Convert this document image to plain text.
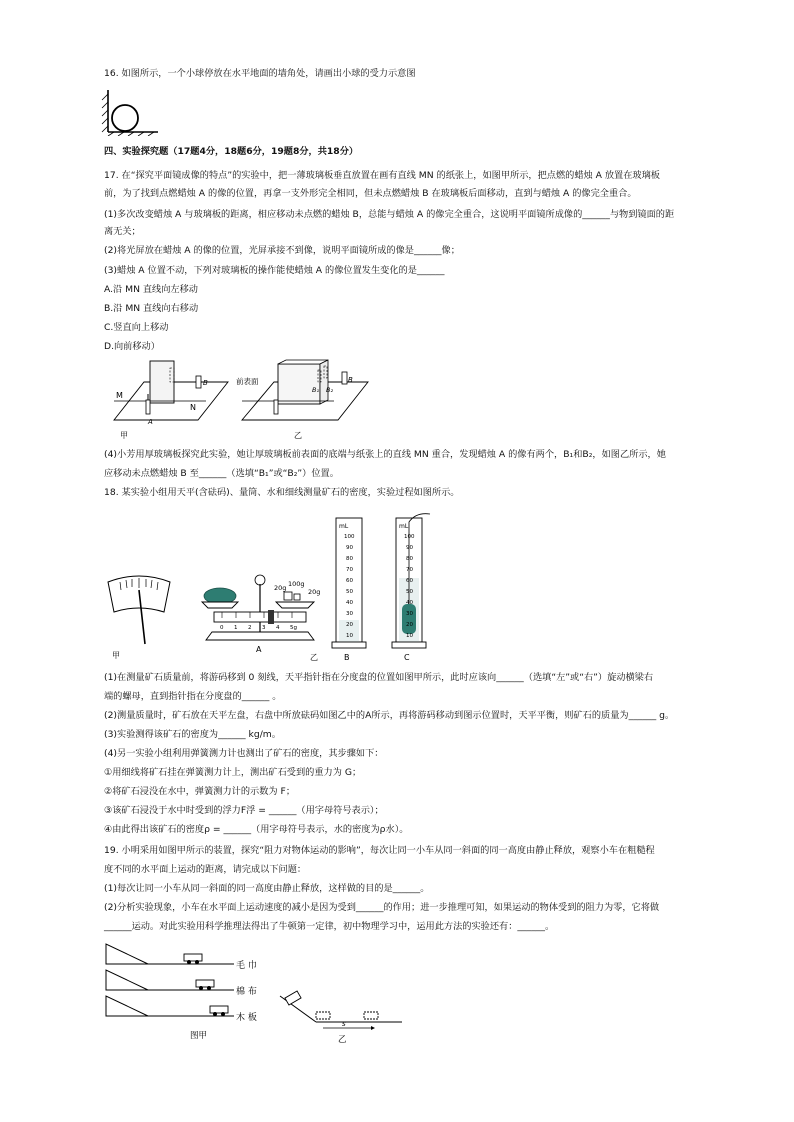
16. 如图所示，一个小球停放在水平地面的墙角处，请画出小球的受力示意图
四、实验探究题（17题4分，18题6分，19题8分，共18分）
17. 在“探究平面镜成像的特点”的实验中，把一薄玻璃板垂直放置在画有直线 MN 的纸张上，如图甲所示，把点燃的蜡烛 A 放置在玻璃板
前，为了找到点燃蜡烛 A 的像的位置，再拿一支外形完全相同，但未点燃蜡烛 B 在玻璃板后面移动，直到与蜡烛 A 的像完全重合。
(1)多次改变蜡烛 A 与玻璃板的距离，相应移动未点燃的蜡烛 B，总能与蜡烛 A 的像完全重合，这说明平面镜所成像的______与物到镜面的距
离无关；
(2)将光屏放在蜡烛 A 的像的位置，光屏承接不到像，说明平面镜所成的像是______像；
(3)蜡烛 A 位置不动，下列对玻璃板的操作能使蜡烛 A 的像位置发生变化的是______
A.沿 MN 直线向左移动
B.沿 MN 直线向右移动
C.竖直向上移动
D.向前移动）
M
N
A
B
甲
前表面
B₁ B₂
B
乙
(4)小芳用厚玻璃板探究此实验，她让厚玻璃板前表面的底端与纸张上的直线 MN 重合，发现蜡烛 A 的像有两个，B₁和B₂，如图乙所示，她
应移动未点燃蜡烛 B 至______（选填“B₁”或“B₂”）位置。
18. 某实验小组用天平(含砝码)、量筒、水和细线测量矿石的密度，实验过程如图所示。
甲
20g 100g
20g
0 1 2 3 4 5g
A
乙
mL
100
90
80
70
60
50
40
30
20
10
B
mL
100
90
80
70
60
50
40
30
20
10
C
(1)在测量矿石质量前，将游码移到 0 刻线，天平指针指在分度盘的位置如图甲所示，此时应该向______（选填“左”或“右”）旋动横梁右
端的螺母，直到指针指在分度盘的______ 。
(2)测量质量时，矿石放在天平左盘，右盘中所放砝码如图乙中的A所示，再将游码移动到图示位置时，天平平衡，则矿石的质量为______ g。
(3)实验测得该矿石的密度为______ kg/m。
(4)另一实验小组利用弹簧测力计也测出了矿石的密度，其步骤如下：
①用细线将矿石挂在弹簧测力计上，测出矿石受到的重力为 G；
②将矿石浸没在水中，弹簧测力计的示数为 F；
③该矿石浸没于水中时受到的浮力F浮 = ______（用字母符号表示）；
④由此得出该矿石的密度ρ = ______（用字母符号表示，水的密度为ρ水）。
19. 小明采用如图甲所示的装置，探究“阻力对物体运动的影响”，每次让同一小车从同一斜面的同一高度由静止释放，观察小车在粗糙程
度不同的水平面上运动的距离，请完成以下问题：
(1)每次让同一小车从同一斜面的同一高度由静止释放，这样做的目的是______。
(2)分析实验现象，小车在水平面上运动速度的减小是因为受到______的作用；进一步推理可知，如果运动的物体受到的阻力为零，它将做
______运动。对此实验用科学推理法得出了牛顿第一定律，初中物理学习中，运用此方法的实验还有：______。
毛 巾
棉 布
木 板
图甲
s
乙
